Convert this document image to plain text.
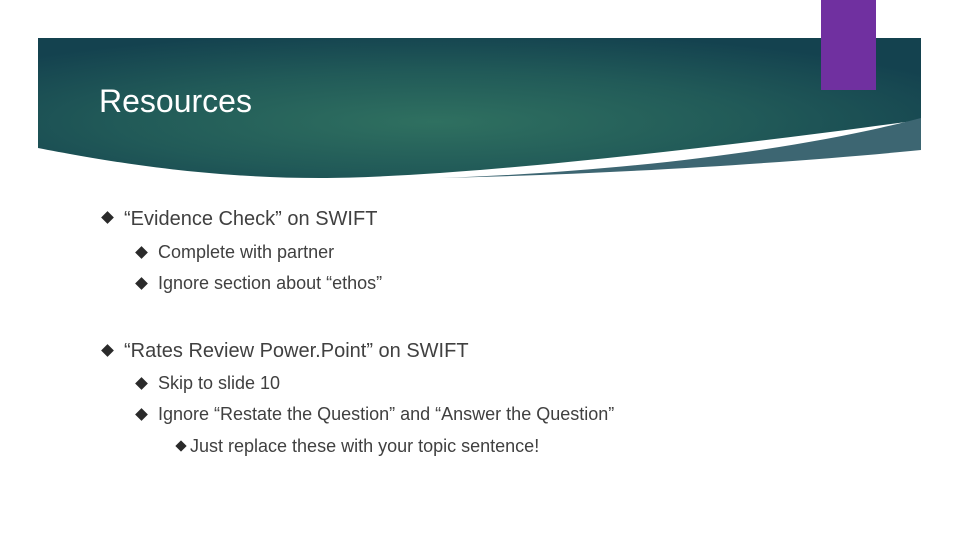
Resources
“Evidence Check” on SWIFT
Complete with partner
Ignore section about “ethos”
“Rates Review Power.Point” on SWIFT
Skip to slide 10
Ignore “Restate the Question” and “Answer the Question”
Just replace these with your topic sentence!
